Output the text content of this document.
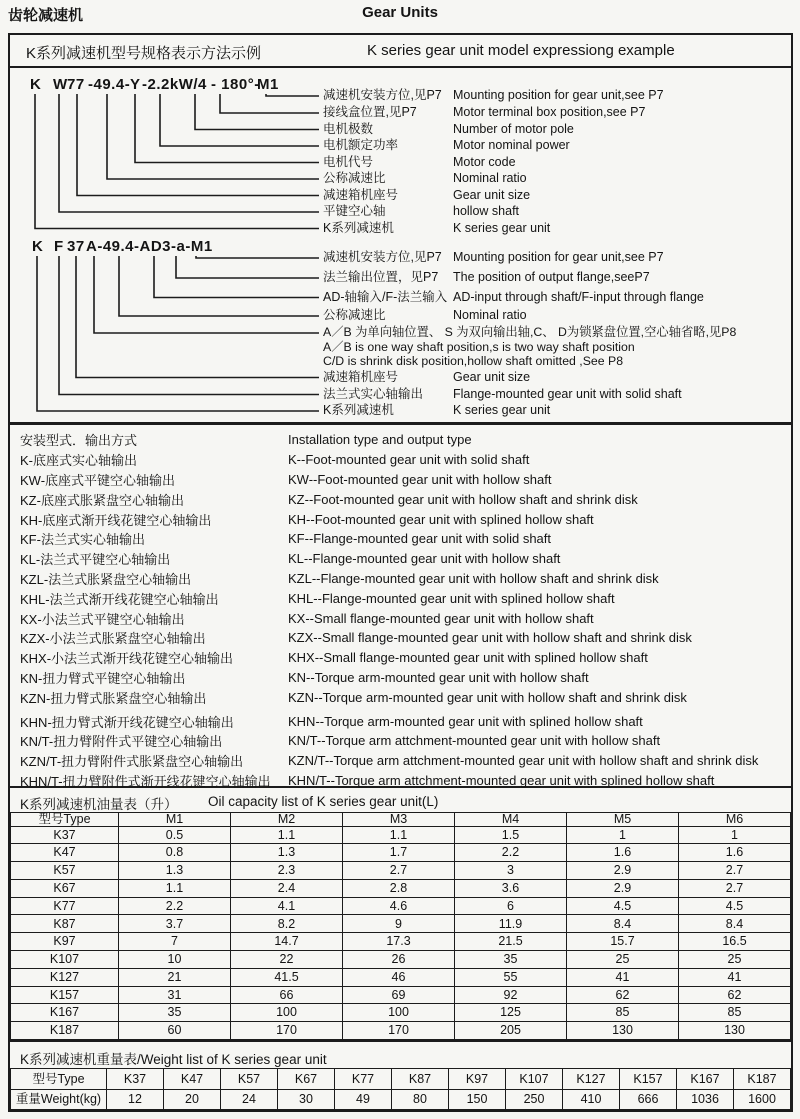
齿轮减速机	Gear Units
K系列减速机型号规格表示方法示例	K series gear unit model expressiong example
K W 77 -49.4- Y -2.2kW/4 - 180°-
M1
减速机安装方位,见P7 Mounting position for gear unit,see P7
接线盒位置,见P7	Motor terminal box position,see P7
电机极数	Number of motor pole
电机额定功率	Motor nominal power
电机代号	Motor code
公称减速比	Nominal ratio
减速箱机座号	Gear unit size
平键空心轴	hollow shaft
K系列减速机	K series gear unit
K F 37 A-49.4-AD3-a-M1
减速机安装方位,见P7 Mounting position for gear unit,see P7
法兰输出位置，见P7	The position of output flange,seeP7
AD-轴输入/F-法兰输入 AD-input through shaft/F-input through flange
公称减速比	Nominal ratio
A／B 为单向轴位置、 S 为双向输出轴,C、 D为锁紧盘位置,空心轴省略,见P8
A／B is one way shaft position,s is two way shaft position
C/D is shrink disk position,hollow shaft omitted ,See P8
减速箱机座号	Gear unit size
法兰式实心轴输出	Flange-mounted gear unit with solid shaft
K系列减速机	K series gear unit
安装型式．输出方式	Installation type and output type
K-底座式实心轴输出	K--Foot-mounted gear unit with solid shaft
KW-底座式平键空心轴输出	KW--Foot-mounted gear unit with hollow shaft
KZ-底座式胀紧盘空心轴输出	KZ--Foot-mounted gear unit with hollow shaft and shrink disk
KH-底座式渐开线花键空心轴输出	KH--Foot-mounted gear unit with splined hollow shaft
KF-法兰式实心轴输出	KF--Flange-mounted gear unit with solid shaft
KL-法兰式平键空心轴输出	KL--Flange-mounted gear unit with hollow shaft
KZL-法兰式胀紧盘空心轴输出	KZL--Flange-mounted gear unit with hollow shaft and shrink disk
KHL-法兰式渐开线花键空心轴输出	KHL--Flange-mounted gear unit with splined hollow shaft
KX-小法兰式平键空心轴输出	KX--Small flange-mounted gear unit with hollow shaft
KZX-小法兰式胀紧盘空心轴输出	KZX--Small flange-mounted gear unit with hollow shaft and shrink disk
KHX-小法兰式渐开线花键空心轴输出	KHX--Small flange-mounted gear unit with splined hollow shaft
KN-扭力臂式平键空心轴输出	KN--Torque arm-mounted gear unit with hollow shaft
KZN-扭力臂式胀紧盘空心轴输出	KZN--Torque arm-mounted gear unit with hollow shaft and shrink disk
KHN-扭力臂式渐开线花键空心轴输出	KHN--Torque arm-mounted gear unit with splined hollow shaft
KN/T-扭力臂附件式平键空心轴输出	KN/T--Torque arm attchment-mounted gear unit with hollow shaft
KZN/T-扭力臂附件式胀紧盘空心轴输出	KZN/T--Torque arm attchment-mounted gear unit with hollow shaft and shrink disk
KHN/T-扭力臂附件式渐开线花键空心轴输出	KHN/T--Torque arm attchment-mounted gear unit with splined hollow shaft
K系列减速机油量表（升） Oil capacity list of K series gear unit(L)
型号Type	M1	M2	M3	M4	M5	M6
K37	0.5	1.1	1.1	1.5	1	1
K47	0.8	1.3	1.7	2.2	1.6	1.6
K57	1.3	2.3	2.7	3	2.9	2.7
K67	1.1	2.4	2.8	3.6	2.9	2.7
K77	2.2	4.1	4.6	6	4.5	4.5
K87	3.7	8.2	9	11.9	8.4	8.4
K97	7	14.7	17.3	21.5	15.7	16.5
K107	10	22	26	35	25	25
K127	21	41.5	46	55	41	41
K157	31	66	69	92	62	62
K167	35	100	100	125	85	85
K187	60	170	170	205	130	130
K系列减速机重量表/Weight list of K series gear unit
型号Type	K37	K47	K57	K67	K77	K87	K97	K107	K127	K157	K167	K187
重量Weight(kg)	12	20	24	30	49	80	150	250	410	666	1036	1600
